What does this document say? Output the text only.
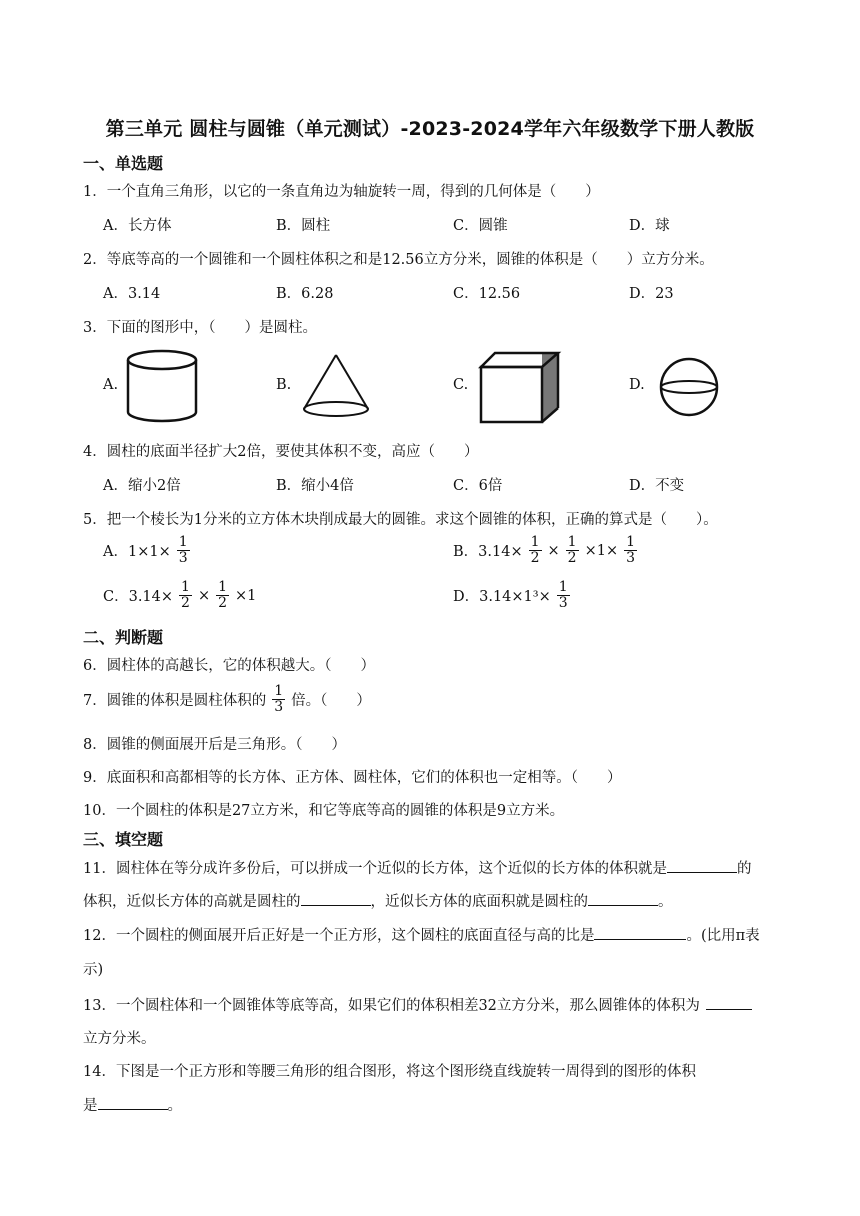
第三单元 圆柱与圆锥（单元测试）-2023-2024学年六年级数学下册人教版
一、单选题
1．一个直角三角形，以它的一条直角边为轴旋转一周，得到的几何体是（　　）
A．长方体	B．圆柱	C．圆锥	D．球
2．等底等高的一个圆锥和一个圆柱体积之和是12.56立方分米，圆锥的体积是（　　）立方分米。
A．3.14	B．6.28	C．12.56	D．23
3．下面的图形中，（　　）是圆柱。
A.	B.	C.	D.
4．圆柱的底面半径扩大2倍，要使其体积不变，高应（　　）
A．缩小2倍	B．缩小4倍	C．6倍	D．不变
5．把一个棱长为1分米的立方体木块削成最大的圆锥。求这个圆锥的体积，正确的算式是（　　）。
A．$1\times 1\times \frac{1}{3}$	B．$3.14\times \frac{1}{2} \times \frac{1}{2} \times 1\times \frac{1}{3}$
C．$3.14\times \frac{1}{2} \times \frac{1}{2} \times 1$	D．$3.14\times 1^3\times \frac{1}{3}$
二、判断题
6．圆柱体的高越长，它的体积越大。（　　）
7．圆锥的体积是圆柱体积的 $\frac{1}{3}$ 倍。（　　）
8．圆锥的侧面展开后是三角形。（　　）
9．底面积和高都相等的长方体、正方体、圆柱体，它们的体积也一定相等。（　　）
10．一个圆柱的体积是27立方米，和它等底等高的圆锥的体积是9立方米。
三、填空题
11．圆柱体在等分成许多份后，可以拼成一个近似的长方体，这个近似的长方体的体积就是	的
体积，近似长方体的高就是圆柱的	，近似长方体的底面积就是圆柱的	。
12．一个圆柱的侧面展开后正好是一个正方形，这个圆柱的底面直径与高的比是	。(比用π表
示)
13．一个圆柱体和一个圆锥体等底等高，如果它们的体积相差32立方分米，那么圆锥体的体积为
立方分米。
14．下图是一个正方形和等腰三角形的组合图形，将这个图形绕直线旋转一周得到的图形的体积
是	。
